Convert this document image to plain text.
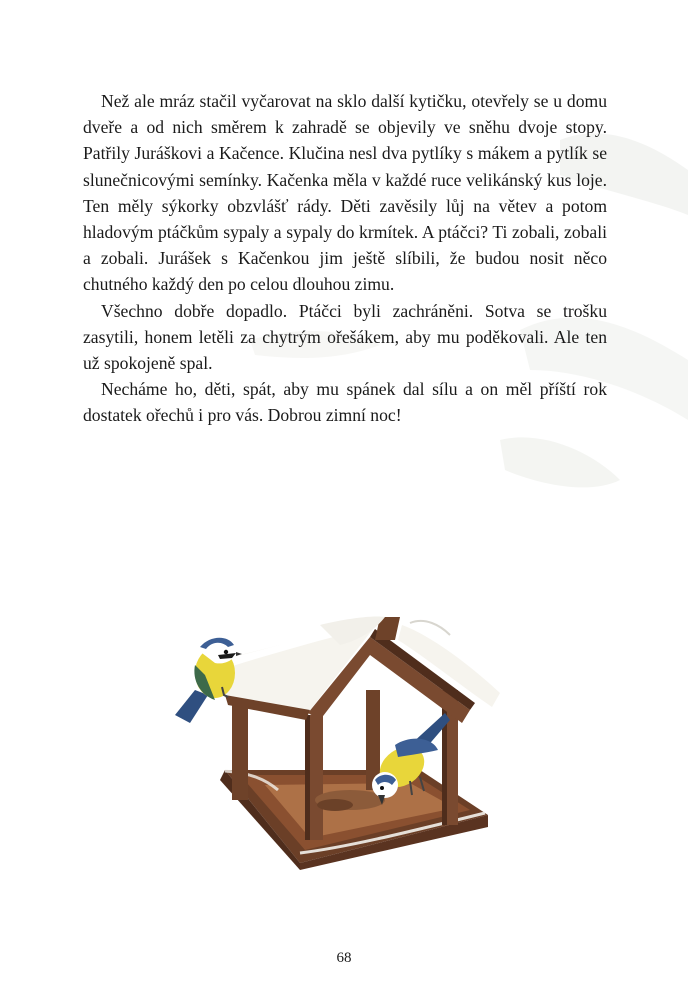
Než ale mráz stačil vyčarovat na sklo další kytičku, otevřely se u domu dveře a od nich směrem k zahradě se objevily ve sněhu dvoje stopy. Patřily Juráškovi a Kačence. Klučina nesl dva pytlíky s mákem a pytlík se slunečnicovými semínky. Kačenka měla v každé ruce velikánský kus loje. Ten měly sýkorky obzvlášť rády. Děti zavěsily lůj na větev a potom hladovým ptáčkům sypaly a sypaly do krmítek. A ptáčci? Ti zobali, zobali a zobali. Jurášek s Kačenkou jim ještě slíbili, že budou nosit něco chutného každý den po celou dlouhou zimu.

Všechno dobře dopadlo. Ptáčci byli zachráněni. Sotva se trošku zasytili, honem letěli za chytrým ořešákem, aby mu poděkovali. Ale ten už spokojeně spal.

Necháme ho, děti, spát, aby mu spánek dal sílu a on měl příští rok dostatek ořechů i pro vás. Dobrou zimní noc!

68
